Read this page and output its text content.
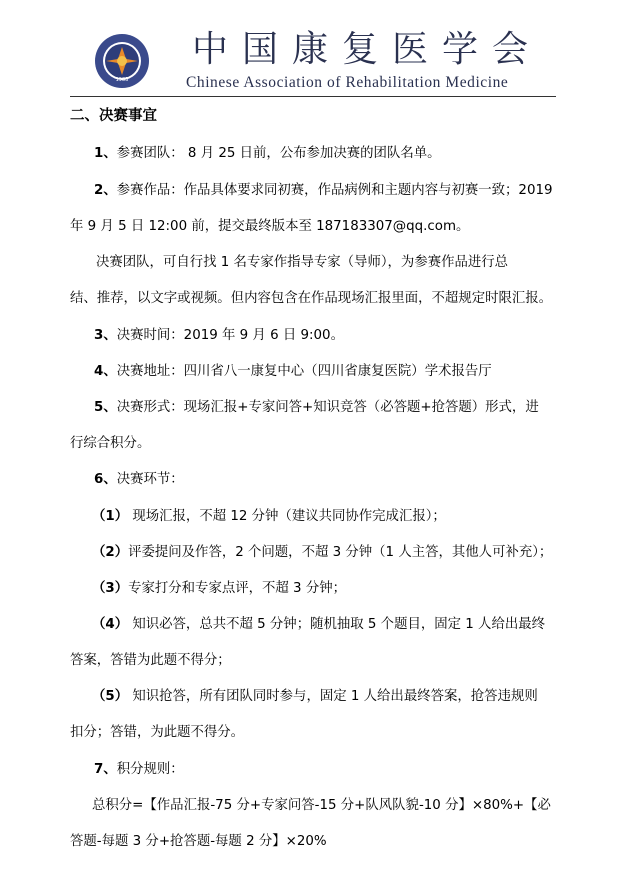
1983
中国康复医学会
Chinese Association of Rehabilitation Medicine
二、决赛事宜
1、参赛团队： 8 月 25 日前，公布参加决赛的团队名单。
2、参赛作品：作品具体要求同初赛，作品病例和主题内容与初赛一致；2019
年 9 月 5 日 12:00 前，提交最终版本至 187183307@qq.com。
决赛团队，可自行找 1 名专家作指导专家（导师），为参赛作品进行总
结、推荐，以文字或视频。但内容包含在作品现场汇报里面，不超规定时限汇报。
3、决赛时间：2019 年 9 月 6 日 9:00。
4、决赛地址：四川省八一康复中心（四川省康复医院）学术报告厅
5、决赛形式：现场汇报+专家问答+知识竞答（必答题+抢答题）形式，进
行综合积分。
6、决赛环节：
（1） 现场汇报，不超 12 分钟（建议共同协作完成汇报）；
（2）评委提问及作答，2 个问题，不超 3 分钟（1 人主答，其他人可补充）；
（3）专家打分和专家点评，不超 3 分钟；
（4） 知识必答，总共不超 5 分钟；随机抽取 5 个题目，固定 1 人给出最终
答案，答错为此题不得分；
（5） 知识抢答，所有团队同时参与，固定 1 人给出最终答案，抢答违规则
扣分；答错，为此题不得分。
7、积分规则：
总积分=【作品汇报-75 分+专家问答-15 分+队风队貌-10 分】×80%+【必
答题-每题 3 分+抢答题-每题 2 分】×20%
